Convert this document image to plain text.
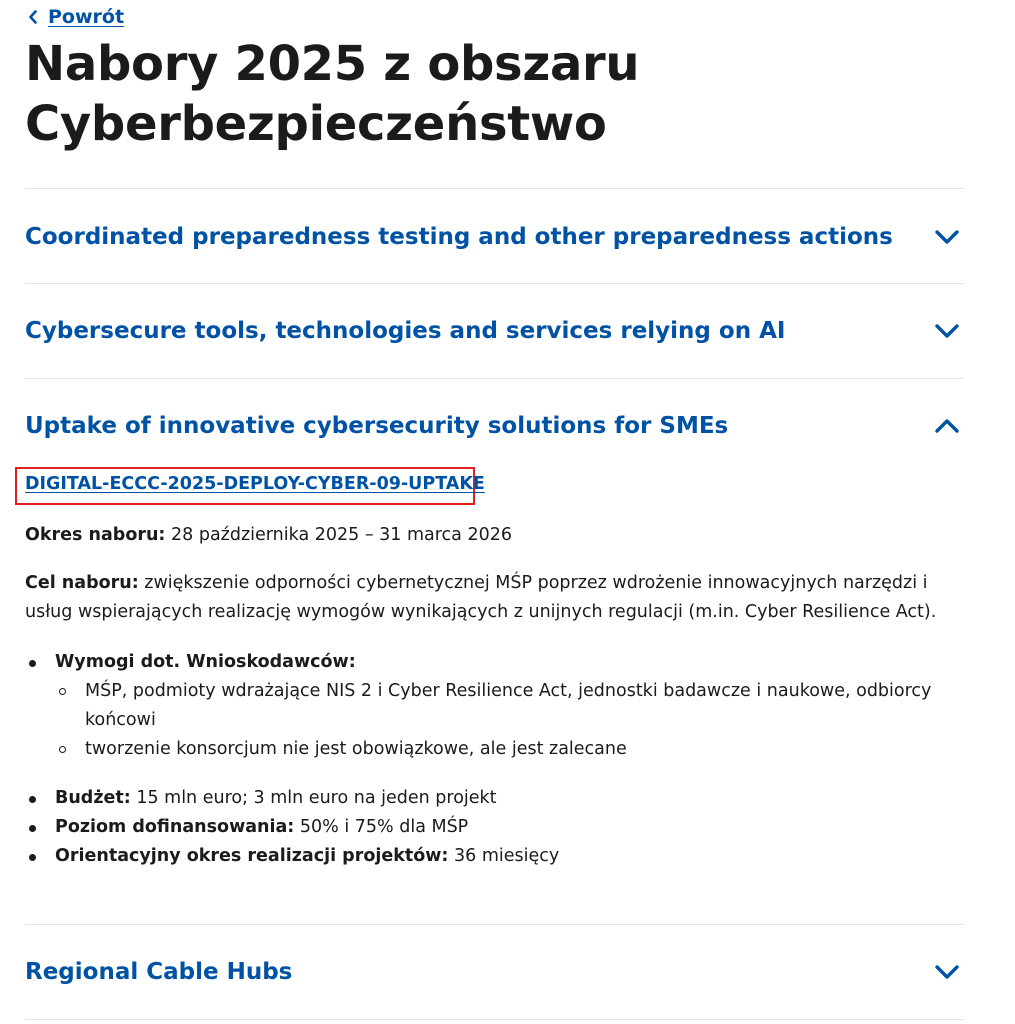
Powrót
Nabory 2025 z obszaru Cyberbezpieczeństwo
Coordinated preparedness testing and other preparedness actions
Cybersecure tools, technologies and services relying on AI
Uptake of innovative cybersecurity solutions for SMEs
DIGITAL-ECCC-2025-DEPLOY-CYBER-09-UPTAKE

Okres naboru: 28 października 2025 – 31 marca 2026

Cel naboru: zwiększenie odporności cybernetycznej MŚP poprzez wdrożenie innowacyjnych narzędzi i usług wspierających realizację wymogów wynikających z unijnych regulacji (m.in. Cyber Resilience Act).

Wymogi dot. Wnioskodawców:
MŚP, podmioty wdrażające NIS 2 i Cyber Resilience Act, jednostki badawcze i naukowe, odbiorcy końcowi
tworzenie konsorcjum nie jest obowiązkowe, ale jest zalecane
Budżet: 15 mln euro; 3 mln euro na jeden projekt
Poziom dofinansowania: 50% i 75% dla MŚP
Orientacyjny okres realizacji projektów: 36 miesięcy
Regional Cable Hubs
